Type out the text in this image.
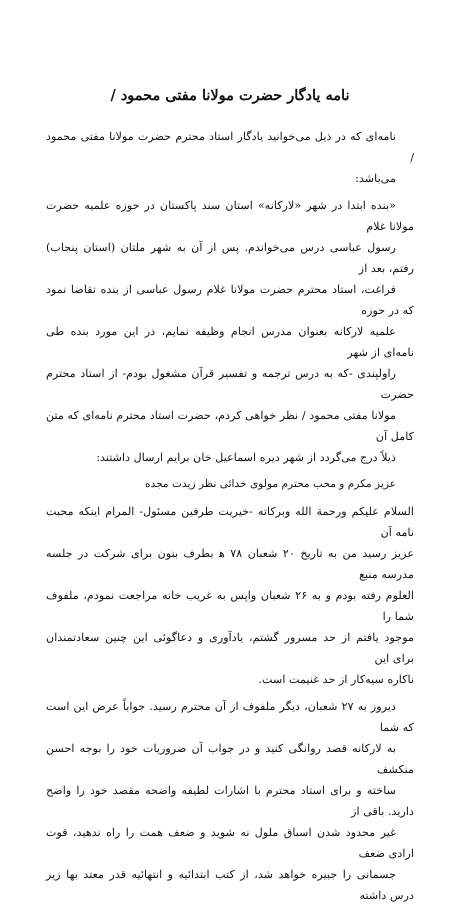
نامه یادگار حضرت مولانا مفتی محمود /
نامه‌ای که در ذیل می‌خوانید یادگار استاد محترم حضرت مولانا مفتی محمود /
می‌باشد:
«بنده ابتدا در شهر «لارکانه» استان سند پاکستان در حوزه علمیه حضرت مولانا غلام
رسول عباسی درس می‌خواندم. پس از آن به شهر ملتان (استان پنجاب) رفتم، بعد از
فراغت، استاد محترم حضرت مولانا غلام رسول عباسی از بنده تقاضا نمود که در حوزه
علمیه لارکانه بعنوان مدرس انجام وظیفه نمایم، در این مورد بنده طی نامه‌ای از شهر
راولپندی -که به درس ترجمه و تفسیر قرآن مشغول بودم- از استاد محترم حضرت
مولانا مفتی محمود / نظر خواهی کردم، حضرت استاد محترم نامه‌ای که متن کامل آن
ذیلاً درج می‌گردد از شهر دیره اسماعیل خان برایم ارسال داشتند:
عزیز مکرم و محب محترم مولوی خدائی نظر زیدت مجده
السلام علیکم ورحمة الله وبرکاته -خیریت طرفین مسئول- المرام اینکه محبت نامه آن
عزیز رسید من به تاریخ ۲۰ شعبان ۷۸ ﻫ بطرف بنون برای شرکت در جلسه مدرسه منبع
العلوم رفته بودم و به ۲۶ شعبان واپس به غریب خانه مراجعت نمودم، ملفوف شما را
موجود یافتم از حد مسرور گشتم، یادآوری و دعاگوئی این چنین سعادتمندان برای این
ناکاره سیه‌کار از حد غنیمت است.
دیروز به ۲۷ شعبان، دیگر ملفوف از آن محترم رسید. جواباً عرض این است که شما
به لارکانه قصد روانگی کنید و در جواب آن ضروریات خود را بوجه احسن منکشف
ساخته و برای استاد محترم با اشارات لطیفه واضحه مقصد خود را واضح دارید. باقی از
غیر محدود شدن اسباق ملول نه شوید و ضعف همت را راه ندهید، قوت ارادی ضعف
جسمانی را جبیره خواهد شد، از کتب ابتدائیه و انتهائیه قدر معتد بها زیر درس داشته
